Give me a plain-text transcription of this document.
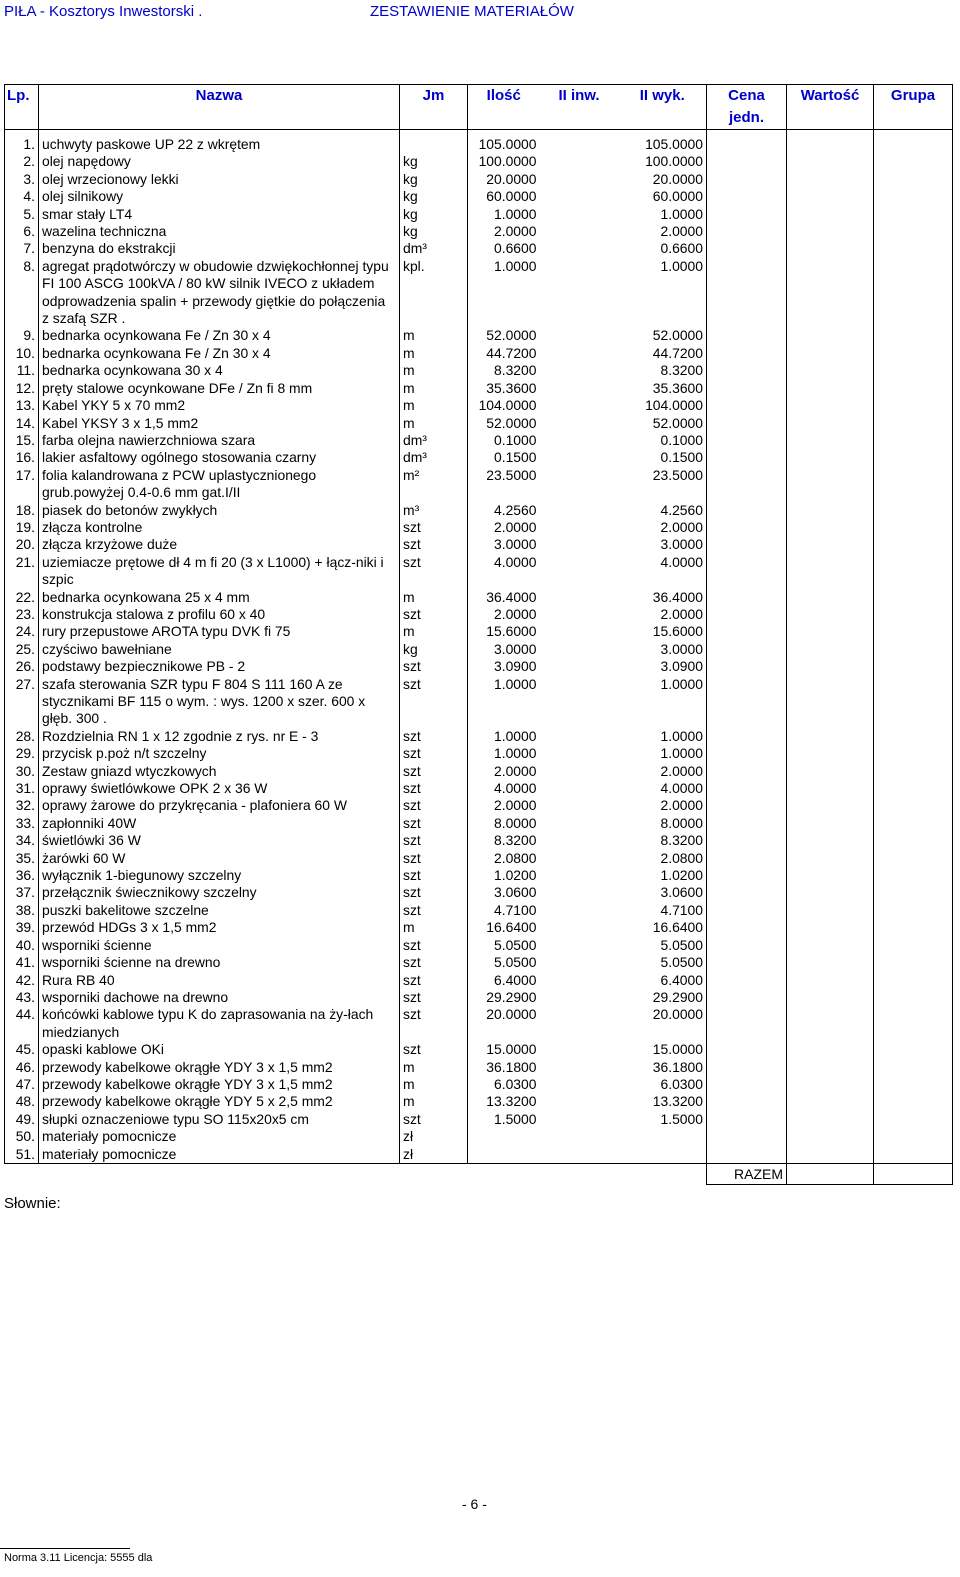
PIŁA - Kosztorys Inwestorski .	ZESTAWIENIE MATERIAŁÓW
Lp.	Nazwa	Jm	Ilość	II inw.	II wyk.	Cena jedn.	Wartość	Grupa

1.	uchwyty paskowe UP 22 z wkrętem		105.0000		105.0000			
2.	olej napędowy	kg	100.0000		100.0000			
3.	olej wrzecionowy lekki	kg	20.0000		20.0000			
4.	olej silnikowy	kg	60.0000		60.0000			
5.	smar stały LT4	kg	1.0000		1.0000			
6.	wazelina techniczna	kg	2.0000		2.0000			
7.	benzyna do ekstrakcji	dm³	0.6600		0.6600			
8.	agregat prądotwórczy w obudowie dzwiękochłonnej typu FI 100 ASCG 100kVA / 80 kW silnik IVECO z układem odprowadzenia spalin + przewody giętkie do połączenia z szafą SZR .	kpl.	1.0000		1.0000			
9.	bednarka ocynkowana Fe / Zn 30 x 4	m	52.0000		52.0000			
10.	bednarka ocynkowana Fe / Zn 30 x 4	m	44.7200		44.7200			
11.	bednarka ocynkowana 30 x 4	m	8.3200		8.3200			
12.	pręty stalowe ocynkowane DFe / Zn fi 8 mm	m	35.3600		35.3600			
13.	Kabel YKY 5 x 70 mm2	m	104.0000		104.0000			
14.	Kabel YKSY 3 x 1,5 mm2	m	52.0000		52.0000			
15.	farba olejna nawierzchniowa szara	dm³	0.1000		0.1000			
16.	lakier asfaltowy ogólnego stosowania czarny	dm³	0.1500		0.1500			
17.	folia kalandrowana z PCW uplastycznionego grub.powyżej 0.4-0.6 mm gat.I/II	m²	23.5000		23.5000			
18.	piasek do betonów zwykłych	m³	4.2560		4.2560			
19.	złącza kontrolne	szt	2.0000		2.0000			
20.	złącza krzyżowe duże	szt	3.0000		3.0000			
21.	uziemiacze prętowe dł 4 m fi 20 (3 x L1000) + łącz-niki i szpic	szt	4.0000		4.0000			
22.	bednarka ocynkowana 25 x 4 mm	m	36.4000		36.4000			
23.	konstrukcja stalowa z profilu 60 x 40	szt	2.0000		2.0000			
24.	rury przepustowe AROTA typu DVK fi 75	m	15.6000		15.6000			
25.	czyściwo bawełniane	kg	3.0000		3.0000			
26.	podstawy bezpiecznikowe PB - 2	szt	3.0900		3.0900			
27.	szafa sterowania SZR typu F 804 S 111 160 A ze stycznikami BF 115 o wym. : wys. 1200 x szer. 600 x głęb. 300 .	szt	1.0000		1.0000			
28.	Rozdzielnia RN 1 x 12 zgodnie z rys. nr E - 3	szt	1.0000		1.0000			
29.	przycisk p.poż n/t szczelny	szt	1.0000		1.0000			
30.	Zestaw gniazd wtyczkowych	szt	2.0000		2.0000			
31.	oprawy świetlówkowe OPK 2 x 36 W	szt	4.0000		4.0000			
32.	oprawy żarowe do przykręcania - plafoniera 60 W	szt	2.0000		2.0000			
33.	zapłonniki 40W	szt	8.0000		8.0000			
34.	świetlówki 36 W	szt	8.3200		8.3200			
35.	żarówki 60 W	szt	2.0800		2.0800			
36.	wyłącznik 1-biegunowy szczelny	szt	1.0200		1.0200			
37.	przełącznik świecznikowy szczelny	szt	3.0600		3.0600			
38.	puszki bakelitowe szczelne	szt	4.7100		4.7100			
39.	przewód HDGs 3 x 1,5 mm2	m	16.6400		16.6400			
40.	wsporniki ścienne	szt	5.0500		5.0500			
41.	wsporniki ścienne na drewno	szt	5.0500		5.0500			
42.	Rura RB 40	szt	6.4000		6.4000			
43.	wsporniki dachowe na drewno	szt	29.2900		29.2900			
44.	końcówki kablowe typu K do zaprasowania na ży-łach miedzianych	szt	20.0000		20.0000			
45.	opaski kablowe OKi	szt	15.0000		15.0000			
46.	przewody kabelkowe okrągłe YDY 3 x 1,5 mm2	m	36.1800		36.1800			
47.	przewody kabelkowe okrągłe YDY 3 x 1,5 mm2	m	6.0300		6.0300			
48.	przewody kabelkowe okrągłe YDY 5 x 2,5 mm2	m	13.3200		13.3200			
49.	słupki oznaczeniowe typu SO 115x20x5 cm	szt	1.5000		1.5000			
50.	materiały pomocnicze	zł						
51.	materiały pomocnicze	zł						
						RAZEM		
Słownie:
- 6 -
Norma 3.11 Licencja: 5555 dla
